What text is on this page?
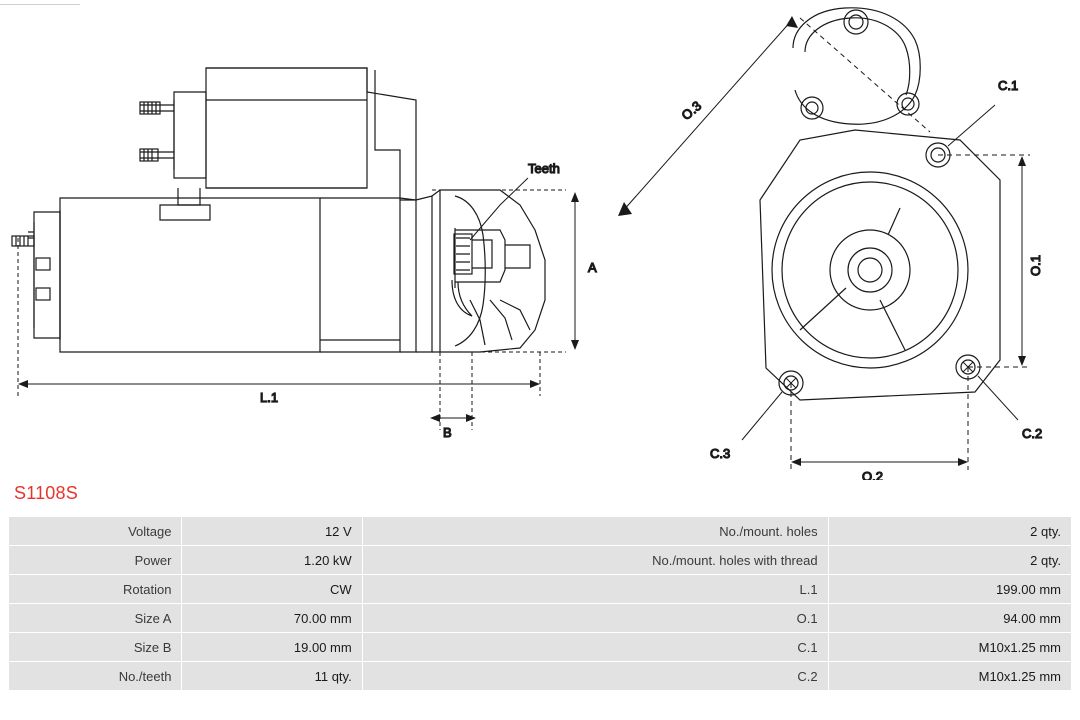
Teeth
A
L.1
B
C.1
C.2
C.3
O.3
O.1
O.2
S1108S
Voltage	12 V	No./mount. holes	2 qty.
Power	1.20 kW	No./mount. holes with thread	2 qty.
Rotation	CW	L.1	199.00 mm
Size A	70.00 mm	O.1	94.00 mm
Size B	19.00 mm	C.1	M10x1.25 mm
No./teeth	11 qty.	C.2	M10x1.25 mm
